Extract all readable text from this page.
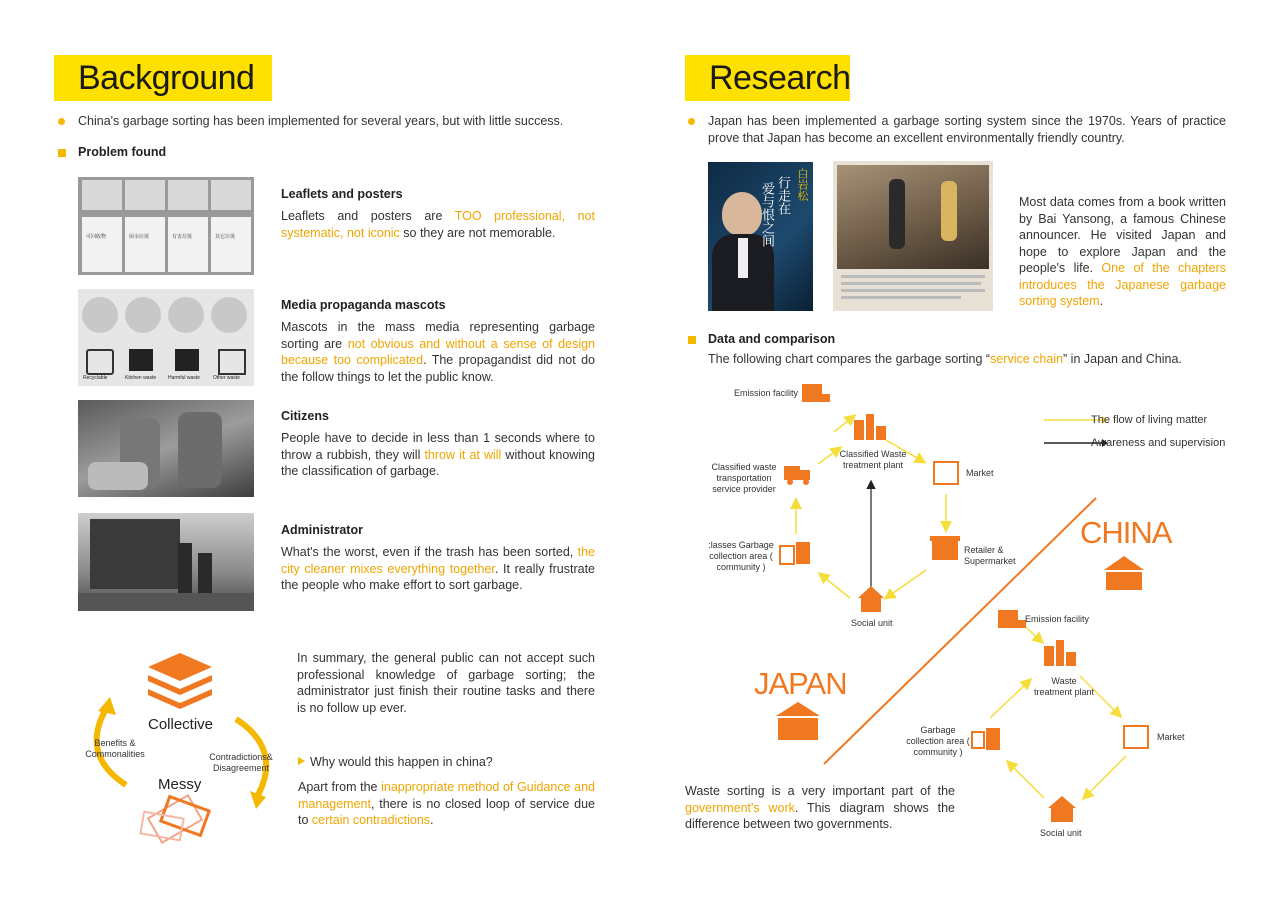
Background
China's garbage sorting has been implemented for several years, but with little success.
Problem found
可回收物	厨余垃圾	有害垃圾	其它垃圾
Leaflets and posters
Leaflets and posters are TOO professional, not systematic, not iconic so they are not memorable.
Recyclable	Kitchen waste Harmful waste	Other waste
Media propaganda mascots
Mascots in the mass media representing garbage sorting are not obvious and without a sense of design because too complicated. The propagandist did not do the follow things to let the public know.
Citizens
People have to decide in less than 1 seconds where to throw a rubbish, they will throw it at will without knowing the classification of garbage.
Administrator
What's the worst, even if the trash has been sorted, the city cleaner mixes everything together. It really frustrate the people who make effort to sort garbage.
Collective
Messy
Benefits & Commonalities	Contradictions& Disagreement
In summary, the general public can not accept such professional knowledge of garbage sorting; the administrator just finish their routine tasks and there is no follow up ever.
Why would this happen in china?
Apart from the inappropriate method of Guidance and management, there is no closed loop of service due to certain contradictions.
Research
Japan has been implemented a garbage sorting system since the 1970s. Years of practice prove that Japan has become an excellent environmentally friendly country.
白岩松
行走在
爱与恨之间	Most data comes from a book written by Bai Yansong, a famous Chinese announcer. He visited Japan and hope to explore Japan and the people's life. One of the chapters introduces the Japanese garbage sorting system.
Data and comparison
The following chart compares the garbage sorting “service chain” in Japan and China.
The flow of living matter
Awareness and supervision
Emission facility
Classified Waste treatment plant
Market
Retailer & Supermarket
Social unit
:lasses Garbage collection area ( community )
Classified waste transportation service provider
CHINA
JAPAN
Emission facility
Waste treatment plant
Market
Social unit
Garbage collection area ( community )
Waste sorting is a very important part of the government's work. This diagram shows the difference between two governments.
